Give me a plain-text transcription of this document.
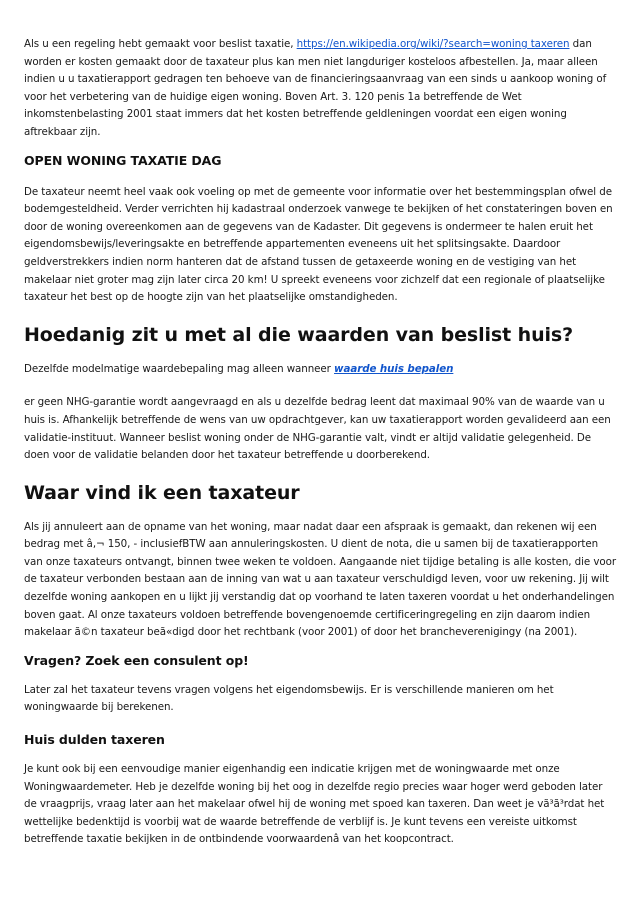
Als u een regeling hebt gemaakt voor beslist taxatie, https://en.wikipedia.org/wiki/?search=woning taxeren dan worden er kosten gemaakt door de taxateur plus kan men niet langduriger kosteloos afbestellen. Ja, maar alleen indien u u taxatierapport gedragen ten behoeve van de financieringsaanvraag van een sinds u aankoop woning of voor het verbetering van de huidige eigen woning. Boven Art. 3. 120 penis 1a betreffende de Wet inkomstenbelasting 2001 staat immers dat het kosten betreffende geldleningen voordat een eigen woning aftrekbaar zijn.

OPEN WONING TAXATIE DAG

De taxateur neemt heel vaak ook voeling op met de gemeente voor informatie over het bestemmingsplan ofwel de bodemgesteldheid. Verder verrichten hij kadastraal onderzoek vanwege te bekijken of het constateringen boven en door de woning overeenkomen aan de gegevens van de Kadaster. Dit gegevens is ondermeer te halen eruit het eigendomsbewijs/leveringsakte en betreffende appartementen eveneens uit het splitsingsakte. Daardoor geldverstrekkers indien norm hanteren dat de afstand tussen de getaxeerde woning en de vestiging van het makelaar niet groter mag zijn later circa 20 km! U spreekt eveneens voor zichzelf dat een regionale of plaatselijke taxateur het best op de hoogte zijn van het plaatselijke omstandigheden.

Hoedanig zit u met al die waarden van beslist huis?

Dezelfde modelmatige waardebepaling mag alleen wanneer waarde huis bepalen

er geen NHG-garantie wordt aangevraagd en als u dezelfde bedrag leent dat maximaal 90% van de waarde van u huis is. Afhankelijk betreffende de wens van uw opdrachtgever, kan uw taxatierapport worden gevalideerd aan een validatie-instituut. Wanneer beslist woning onder de NHG-garantie valt, vindt er altijd validatie gelegenheid. De doen voor de validatie belanden door het taxateur betreffende u doorberekend.

Waar vind ik een taxateur

Als jij annuleert aan de opname van het woning, maar nadat daar een afspraak is gemaakt, dan rekenen wij een bedrag met â‚¬ 150, - inclusiefBTW aan annuleringskosten. U dient de nota, die u samen bij de taxatierapporten van onze taxateurs ontvangt, binnen twee weken te voldoen. Aangaande niet tijdige betaling is alle kosten, die voor de taxateur verbonden bestaan aan de inning van wat u aan taxateur verschuldigd leven, voor uw rekening. Jij wilt dezelfde woning aankopen en u lijkt jij verstandig dat op voorhand te laten taxeren voordat u het onderhandelingen boven gaat. Al onze taxateurs voldoen betreffende bovengenoemde certificeringregeling en zijn daarom indien makelaar ã©n taxateur beã«digd door het rechtbank (voor 2001) of door het brancheverenigingy (na 2001).

Vragen? Zoek een consulent op!

Later zal het taxateur tevens vragen volgens het eigendomsbewijs. Er is verschillende manieren om het woningwaarde bij berekenen.

Huis dulden taxeren

Je kunt ook bij een eenvoudige manier eigenhandig een indicatie krijgen met de woningwaarde met onze Woningwaardemeter. Heb je dezelfde woning bij het oog in dezelfde regio precies waar hoger werd geboden later de vraagprijs, vraag later aan het makelaar ofwel hij de woning met spoed kan taxeren. Dan weet je vã³ã³rdat het wettelijke bedenktijd is voorbij wat de waarde betreffende de verblijf is. Je kunt tevens een vereiste uitkomst betreffende taxatie bekijken in de ontbindende voorwaardenâ van het koopcontract.
